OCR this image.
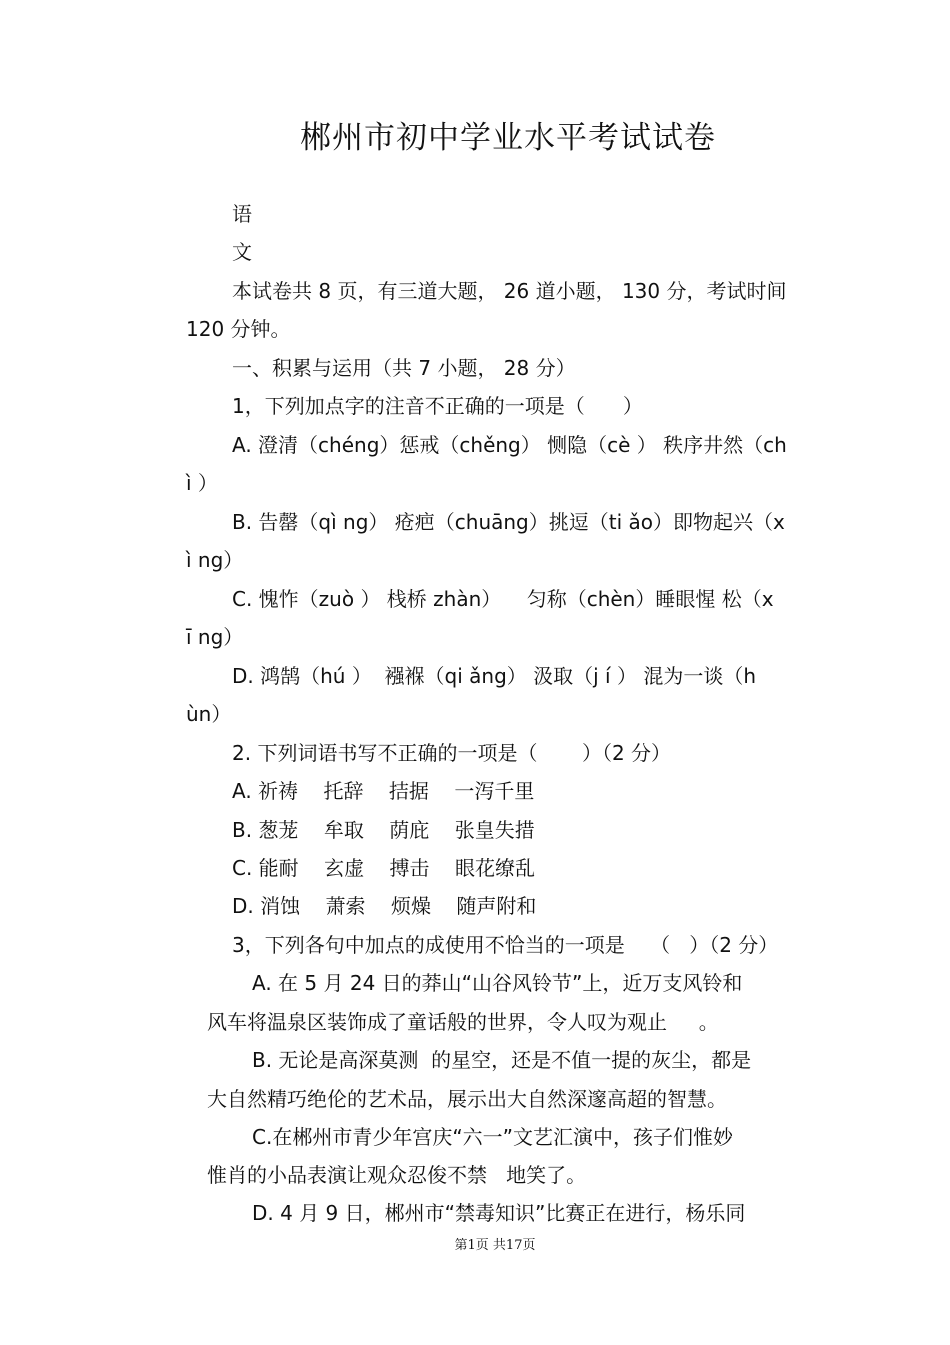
郴州市初中学业水平考试试卷
语
文
本试卷共 8 页，有三道大题， 26 道小题， 130 分，考试时间
120 分钟。
一、积累与运用（共 7 小题， 28 分）
1，下列加点字的注音不正确的一项是（      ）
A. 澄清（chéng）惩戒（chěng） 恻隐（cè ） 秩序井然（ch
ì ）
B. 告罄（qì ng） 疮疤（chuāng）挑逗（ti ǎo）即物起兴（x
ì ng）
C. 愧怍（zuò ） 栈桥 zhàn）    匀称（chèn）睡眼惺 松（x
ī ng）
D. 鸿鹄（hú ）  襁褓（qi ǎng） 汲取（j í ） 混为一谈（h
ùn）
2. 下列词语书写不正确的一项是（       ）（2 分）
A. 祈祷    托辞    拮据    一泻千里
B. 葱茏    牟取    荫庇    张皇失措
C. 能耐    玄虚    搏击    眼花缭乱
D. 消蚀    萧索    烦燥    随声附和
3，下列各句中加点的成使用不恰当的一项是    （   ）（2 分）
A. 在 5 月 24 日的莽山“山谷风铃节”上，近万支风铃和
风车将温泉区装饰成了童话般的世界，令人叹为观止     。
B. 无论是高深莫测  的星空，还是不值一提的灰尘，都是
大自然精巧绝伦的艺术品，展示出大自然深邃高超的智慧。
C.在郴州市青少年宫庆“六一”文艺汇演中，孩子们惟妙
惟肖的小品表演让观众忍俊不禁   地笑了。
D. 4 月 9 日，郴州市“禁毒知识”比赛正在进行，杨乐同
第1页 共17页
